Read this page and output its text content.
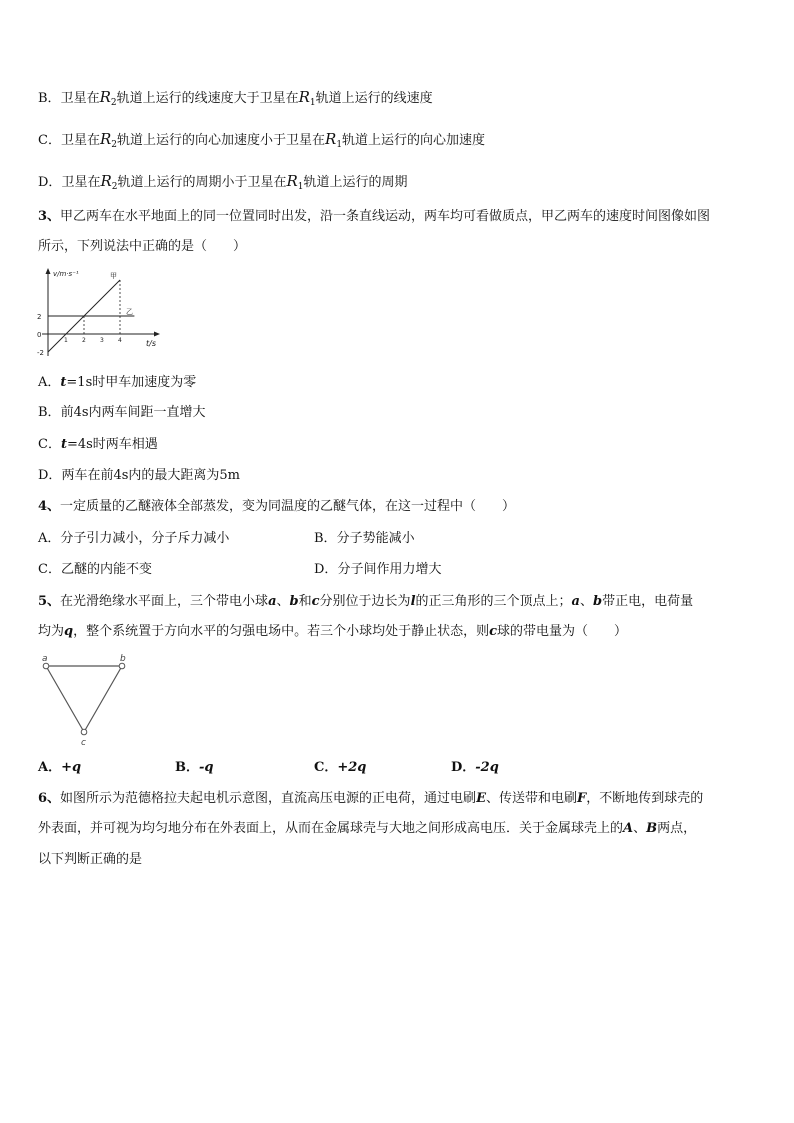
B．卫星在$R_2$轨道上运行的线速度大于卫星在$R_1$轨道上运行的线速度
C．卫星在$R_2$轨道上运行的向心加速度小于卫星在$R_1$轨道上运行的向心加速度
D．卫星在$R_2$轨道上运行的周期小于卫星在$R_1$轨道上运行的周期
3、甲乙两车在水平地面上的同一位置同时出发，沿一条直线运动，两车均可看做质点，甲乙两车的速度时间图像如图
所示，下列说法中正确的是（　　）
1 2 3 4
2
0
-2
甲
乙
v/m·s⁻¹
t/s
A．t=1s时甲车加速度为零
B．前4s内两车间距一直增大
C．t=4s时两车相遇
D．两车在前4s内的最大距离为5m
4、一定质量的乙醚液体全部蒸发，变为同温度的乙醚气体，在这一过程中（　　）
A．分子引力减小，分子斥力减小	B．分子势能减小
C．乙醚的内能不变	D．分子间作用力增大
5、在光滑绝缘水平面上，三个带电小球a、b和c分别位于边长为l的正三角形的三个顶点上；a、b带正电，电荷量
均为q，整个系统置于方向水平的匀强电场中。若三个小球均处于静止状态，则c球的带电量为（　　）
a	b
c
A．+q	B．-q	C．+2q	D．-2q
6、如图所示为范德格拉夫起电机示意图，直流高压电源的正电荷，通过电刷E、传送带和电刷F，不断地传到球壳的
外表面，并可视为均匀地分布在外表面上，从而在金属球壳与大地之间形成高电压．关于金属球壳上的A、B两点，
以下判断正确的是
